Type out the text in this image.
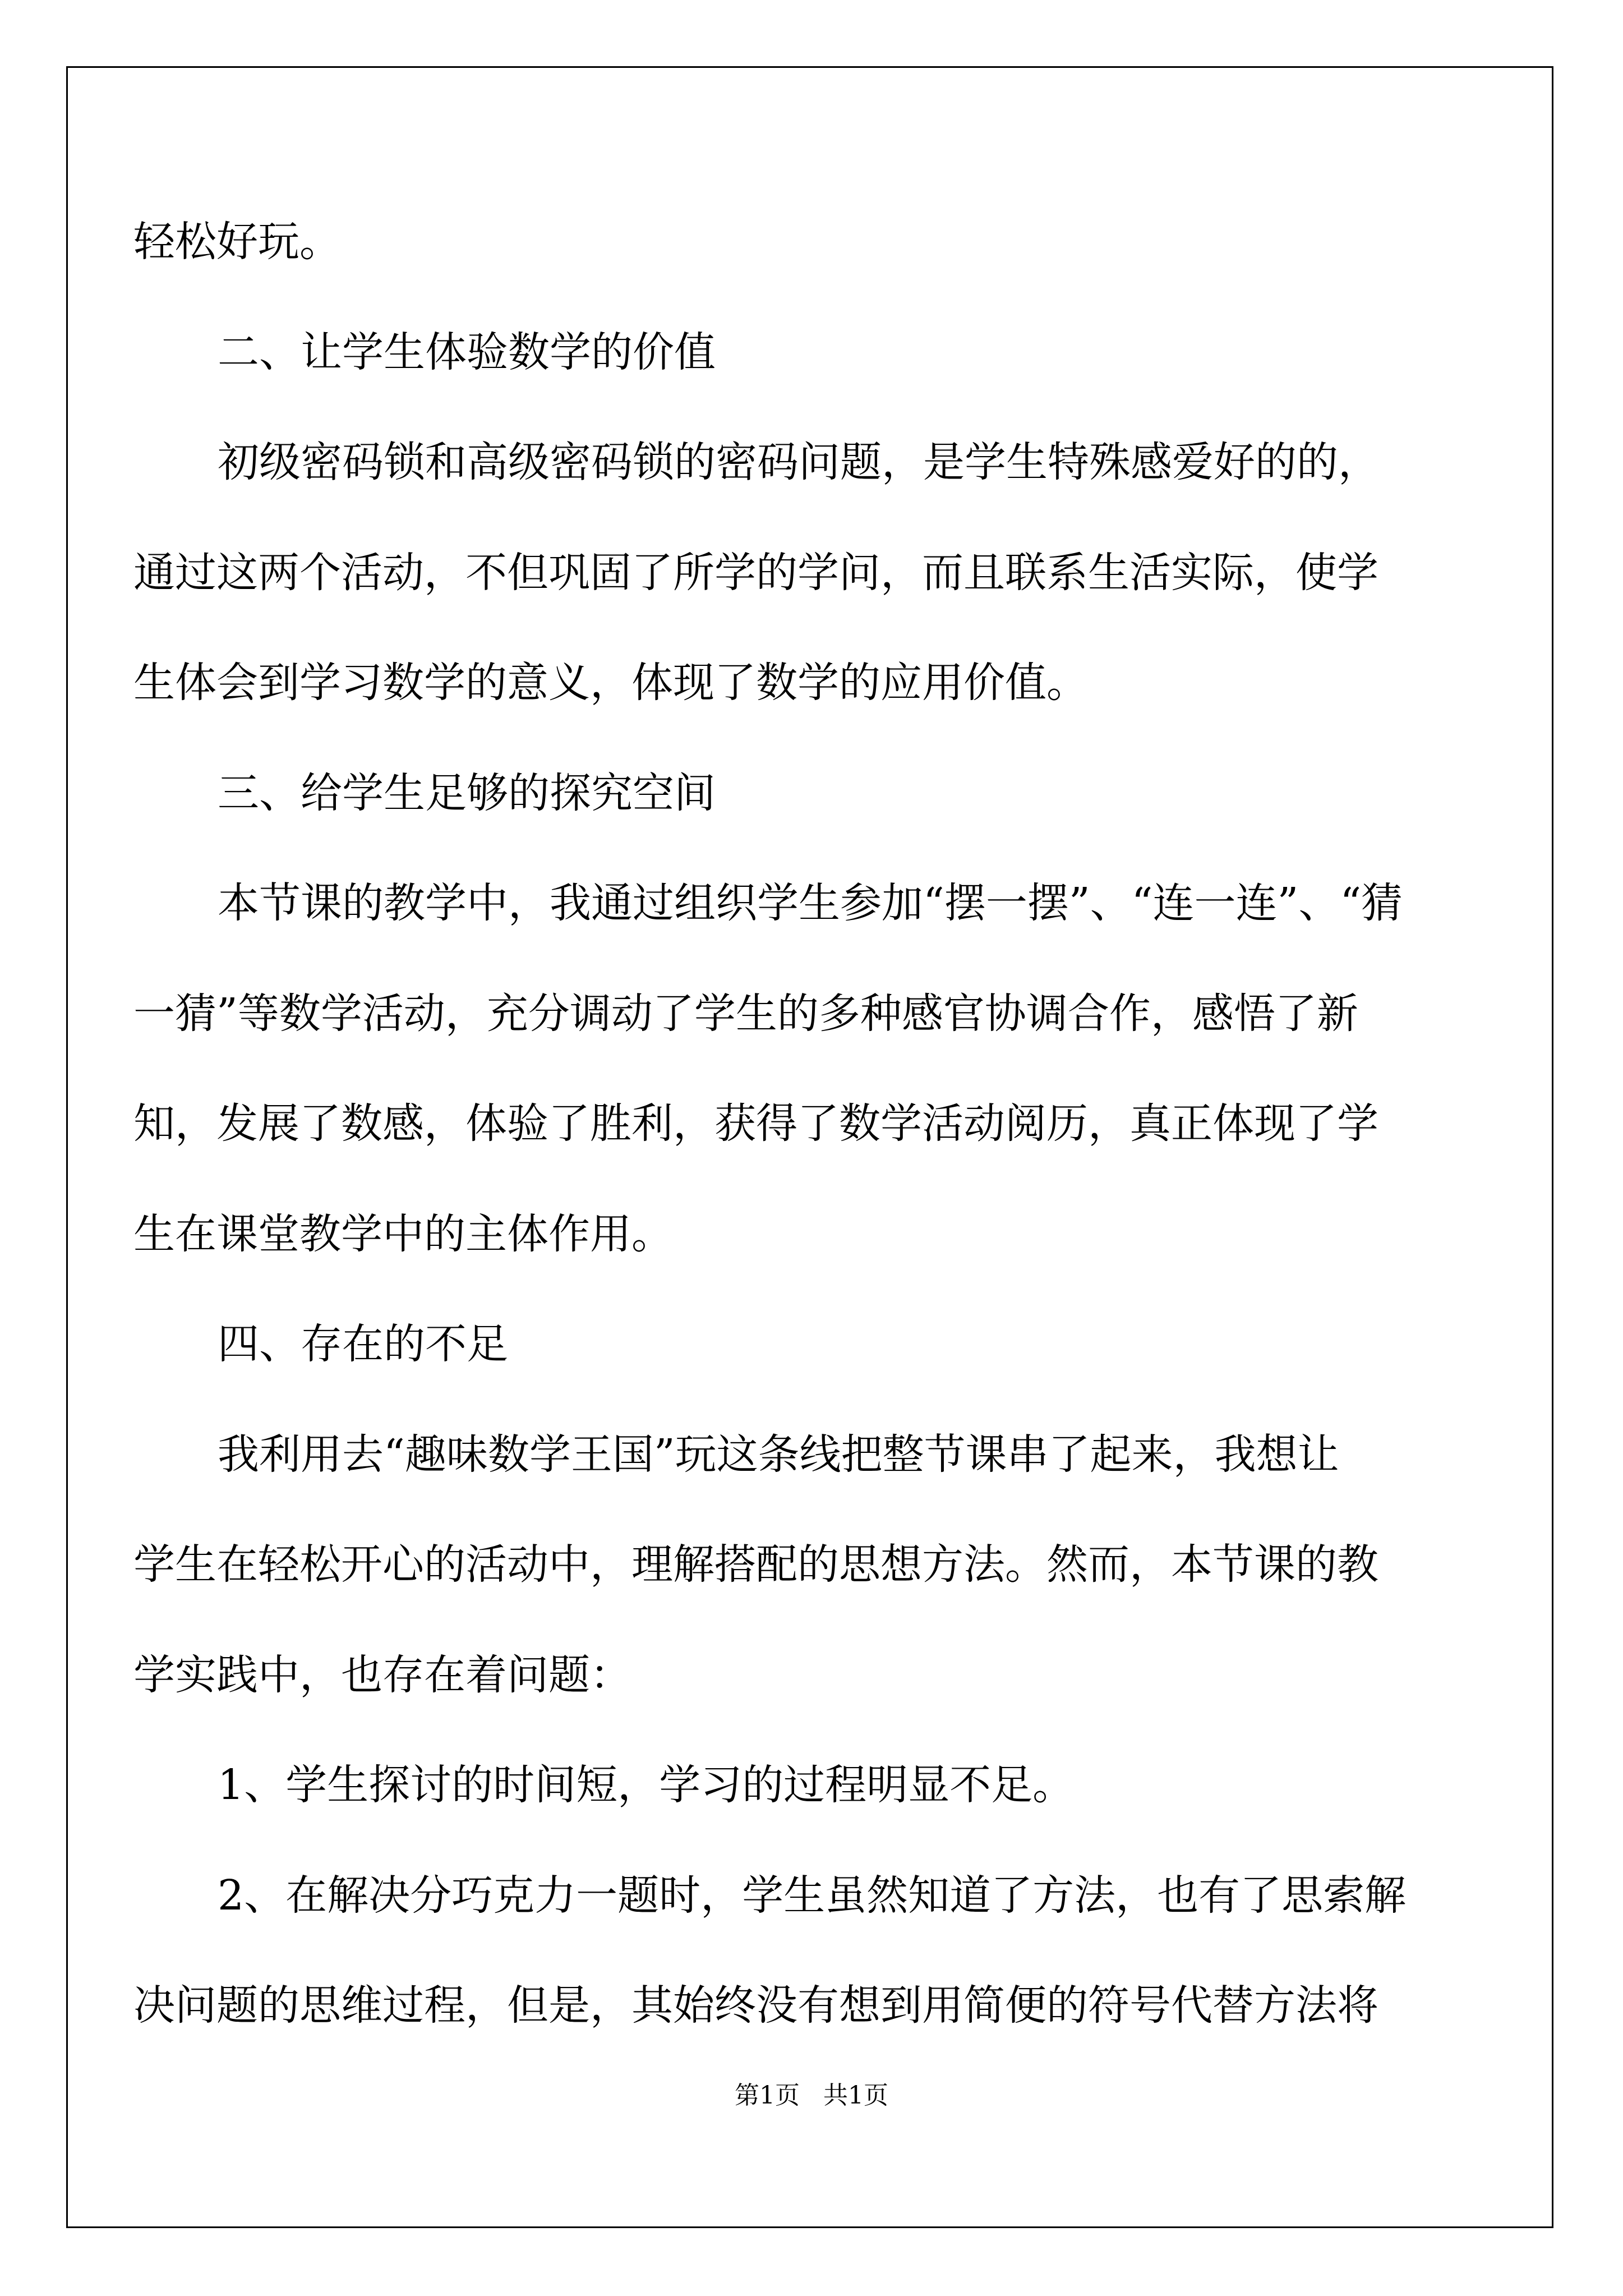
轻松好玩。
二、让学生体验数学的价值
初级密码锁和高级密码锁的密码问题，是学生特殊感爱好的的，
通过这两个活动，不但巩固了所学的学问，而且联系生活实际，使学
生体会到学习数学的意义，体现了数学的应用价值。
三、给学生足够的探究空间
本节课的教学中，我通过组织学生参加“摆一摆”、“连一连”、“猜
一猜”等数学活动，充分调动了学生的多种感官协调合作，感悟了新
知，发展了数感，体验了胜利，获得了数学活动阅历，真正体现了学
生在课堂教学中的主体作用。
四、存在的不足
我利用去“趣味数学王国”玩这条线把整节课串了起来，我想让
学生在轻松开心的活动中，理解搭配的思想方法。然而，本节课的教
学实践中，也存在着问题：
1、学生探讨的时间短，学习的过程明显不足。
2、在解决分巧克力一题时，学生虽然知道了方法，也有了思索解
决问题的思维过程，但是，其始终没有想到用简便的符号代替方法将
第1页   共1页
